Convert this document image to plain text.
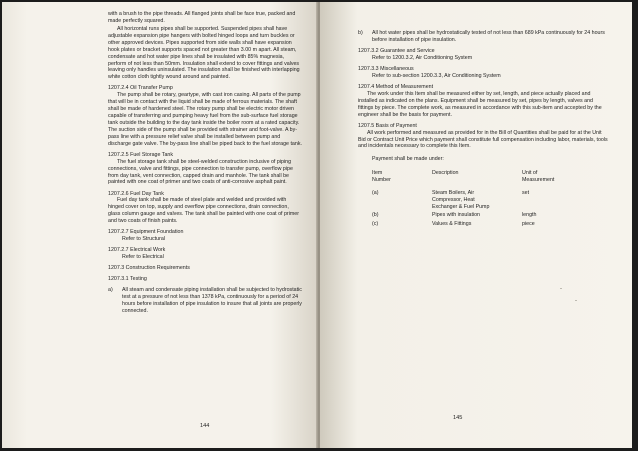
with a brush to the pipe threads. All flanged joints shall be face true, packed and made perfectly squared.

All horizontal runs pipes shall be supported. Suspended pipes shall have adjustable expansion pipe hangers with bolted hinged loops and turn buckles or other approved devices. Pipes supported from side walls shall have expansion hook plates or bracket supports spaced not greater than 3.00 m apart. All steam, condensate and hot water pipe lines shall be insulated with 85% magnesia, perform of not less than 50mm. Insulation shall extend to cover fittings and valves leaving only handles uninsulated. The insulation shall be finished with interlapping white cotton cloth tightly wound around and painted.

1207.2.4 Oil Transfer Pump

The pump shall be rotary, geartype, with cast iron casing. All parts of the pump that will be in contact with the liquid shall be made of ferrous materials. The shaft shall be made of hardened steel. The rotary pump shall be electric motor driven capable of transferring and pumping heavy fuel from the sub-surface fuel storage tank outside the building to the day tank inside the boiler room at a rated capacity. The suction side of the pump shall be provided with strainer and foot-valve. A by-pass line with a pressure relief valve shall be installed between pump and discharge gate valve. The by-pass line shall be piped back to the fuel storage tank.

1207.2.5 Fuel Storage Tank

The fuel storage tank shall be steel-welded construction inclusive of piping connections, valve and fittings, pipe connection to transfer pump, overflow pipe from day tank, vent connection, capped drain and manhole. The tank shall be painted with one coat of primer and two coats of anti-corrosive asphalt paint.

1207.2.6 Fuel Day Tank

Fuel day tank shall be made of steel plate and welded and provided with hinged cover on top, supply and overflow pipe connections, drain connection, glass column gauge and valves. The tank shall be painted with one coat of primer and two coats of finish paints.

1207.2.7 Equipment Foundation

Refer to Structural

1207.2.7 Electrical Work

Refer to Electrical

1207.3 Construction Requirements

1207.3.1 Testing

a)	All steam and condensate piping installation shall be subjected to hydrostatic test at a pressure of not less than 1378 kPa, continuously for a period of 24 hours before installation of pipe insulation to insure that all joints are properly connected.
144
b)	All hot water pipes shall be hydrostatically tested of not less than 689 kPa continuously for 24 hours before installation of pipe insulation.

1207.3.2 Guarantee and Service

Refer to 1200.3.2, Air Conditioning System

1207.3.3 Miscellaneous

Refer to sub-section 1200.3.3, Air Conditioning System

1207.4 Method of Measurement

The work under this Item shall be measured either by set, length, and piece actually placed and installed as indicated on the plans. Equipment shall be measured by set, pipes by length, valves and fittings by piece. The complete work, as measured in accordance with this sub-item and accepted by the engineer shall be the basis for payment.

1207.5 Basis of Payment

All work performed and measured as provided for in the Bill of Quantities shall be paid for at the Unit Bid or Contract Unit Price which payment shall constitute full compensation including labor, materials, tools and incidentals necessary to complete this Item.

Payment shall be made under:

Item
Number	Description	Unit of
Measurement
(a)	Steam Boilers, Air
Compressor, Heat
Exchanger & Fuel Pump	set
(b)	Pipes with insulation	length
(c)	Values & Fittings	piece
145
